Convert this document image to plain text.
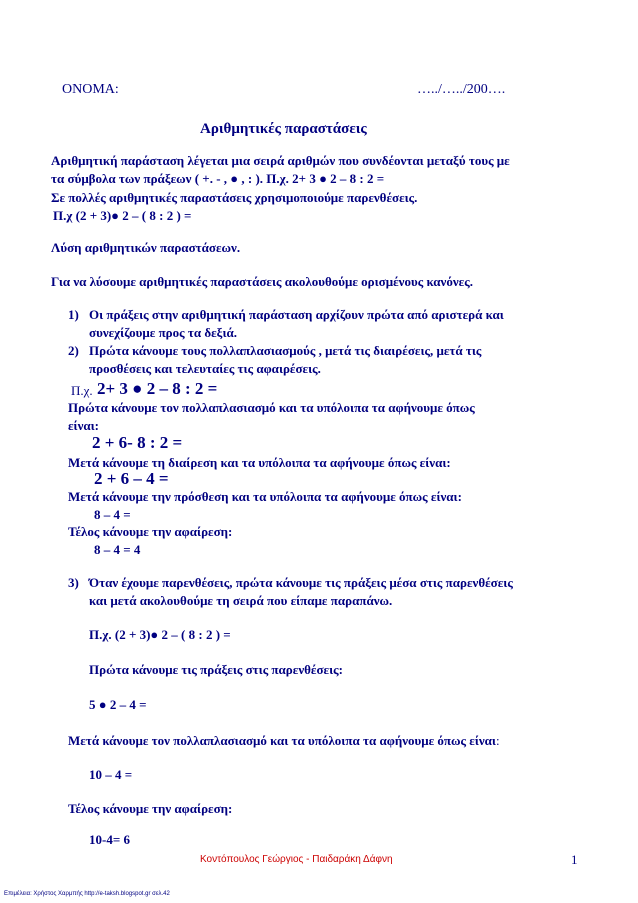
ΟΝΟΜΑ:	…../…../200….
Αριθμητικές παραστάσεις
Αριθμητική παράσταση λέγεται μια σειρά αριθμών που συνδέονται μεταξύ τους με
τα σύμβολα των πράξεων ( +. - , ● , : ). Π.χ. 2+ 3 ● 2 – 8 : 2 =
Σε πολλές αριθμητικές παραστάσεις χρησιμοποιούμε παρενθέσεις.
Π.χ (2 + 3)● 2 – ( 8 : 2 ) =
Λύση αριθμητικών παραστάσεων.
Για να λύσουμε αριθμητικές παραστάσεις ακολουθούμε ορισμένους κανόνες.
1) Οι πράξεις στην αριθμητική παράσταση αρχίζουν πρώτα από αριστερά και
συνεχίζουμε προς τα δεξιά.
2) Πρώτα κάνουμε τους πολλαπλασιασμούς , μετά τις διαιρέσεις, μετά τις
προσθέσεις και τελευταίες τις αφαιρέσεις.
Π.χ. 2+ 3 ● 2 – 8 : 2 =
Πρώτα κάνουμε τον πολλαπλασιασμό και τα υπόλοιπα τα αφήνουμε όπως
είναι:
2 + 6- 8 : 2 =
Μετά κάνουμε τη διαίρεση και τα υπόλοιπα τα αφήνουμε όπως είναι:
2 + 6 – 4 =
Μετά κάνουμε την πρόσθεση και τα υπόλοιπα τα αφήνουμε όπως είναι:
8 – 4 =
Τέλος κάνουμε την αφαίρεση:
8 – 4 = 4
3) Όταν έχουμε παρενθέσεις, πρώτα κάνουμε τις πράξεις μέσα στις παρενθέσεις
και μετά ακολουθούμε τη σειρά που είπαμε παραπάνω.
Π.χ. (2 + 3)● 2 – ( 8 : 2 ) =
Πρώτα κάνουμε τις πράξεις στις παρενθέσεις:
5 ● 2 – 4 =
Μετά κάνουμε τον πολλαπλασιασμό και τα υπόλοιπα τα αφήνουμε όπως είναι:
10 – 4 =
Τέλος κάνουμε την αφαίρεση:
10-4= 6
Κοντόπουλος Γεώργιος - Παιδαράκη Δάφνη	1
Επιμέλεια: Χρήστος Χαρμπής http://e-taksh.blogspot.gr σελ.42
